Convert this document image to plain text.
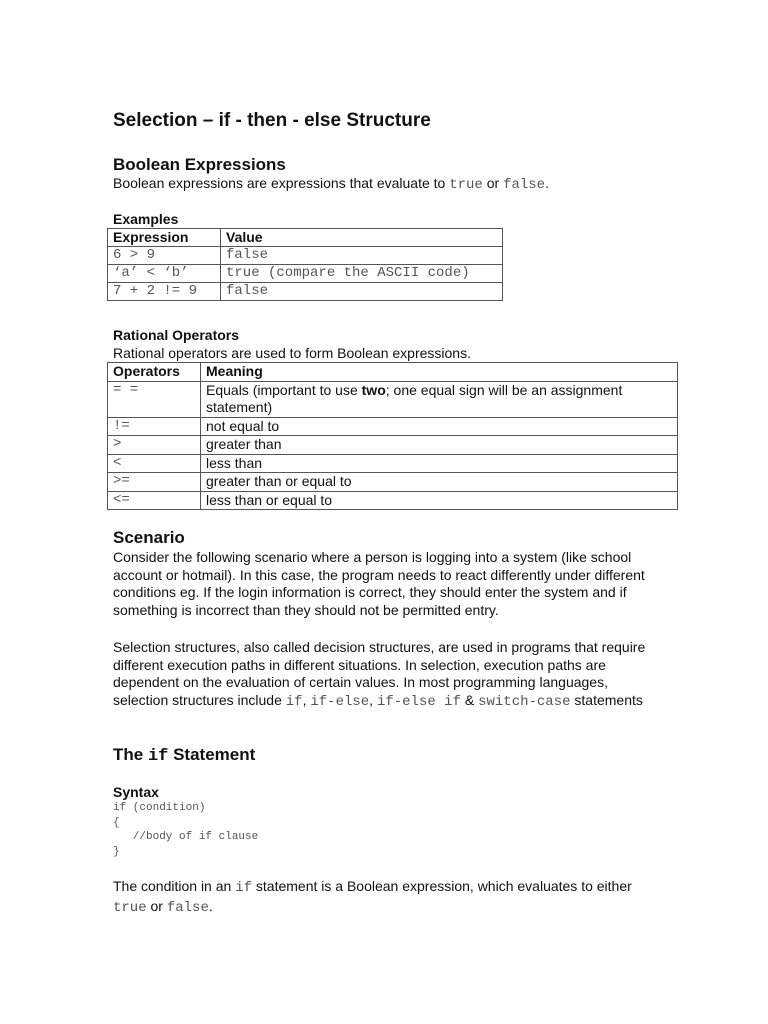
Selection – if - then - else Structure
Boolean Expressions

Boolean expressions are expressions that evaluate to true or false.

Examples
Expression	Value
6 > 9	false
‘a’ < ‘b’	true (compare the ASCII code)
7 + 2 != 9	false
Rational Operators

Rational operators are used to form Boolean expressions.

Operators	Meaning
= =	Equals (important to use two; one equal sign will be an assignment statement)
!=	not equal to
>	greater than
<	less than
>=	greater than or equal to
<=	less than or equal to
Scenario

Consider the following scenario where a person is logging into a system (like school account or hotmail). In this case, the program needs to react differently under different conditions eg. If the login information is correct, they should enter the system and if something is incorrect than they should not be permitted entry.

Selection structures, also called decision structures, are used in programs that require different execution paths in different situations. In selection, execution paths are dependent on the evaluation of certain values. In most programming languages, selection structures include if, if-else, if-else if & switch-case statements

The if Statement
Syntax
if (condition)
{
//body of if clause
}

The condition in an if statement is a Boolean expression, which evaluates to either true or false.
